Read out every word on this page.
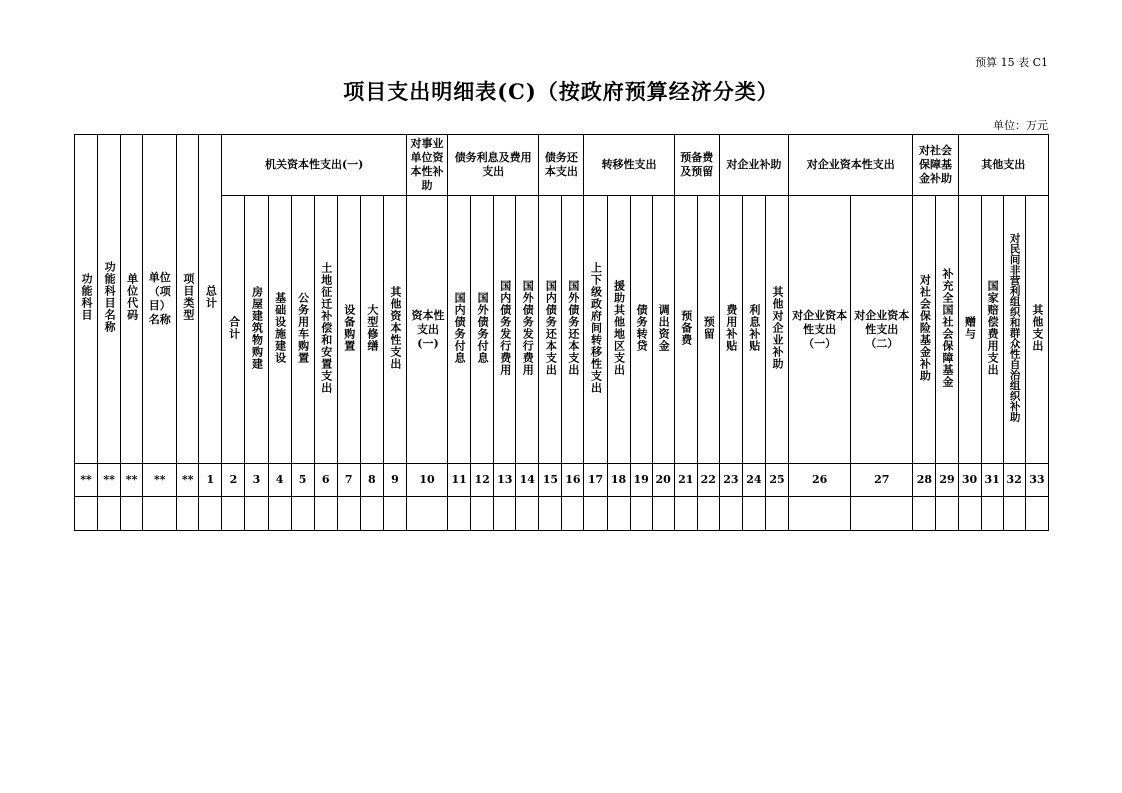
预算 15 表 C1
项目支出明细表(C)（按政府预算经济分类）
单位：万元
功能科目	功能科目名称	单位代码	单位（项目）名称	项目类型	总计	机关资本性支出(一)								对事业单位资本性补助	债务利息及费用支出				债务还本支出		转移性支出				预备费及预留		对企业补助			对企业资本性支出		对社会保障基金补助		其他支出			
						合计	房屋建筑物购建	基础设施建设	公务用车购置	土地征迁补偿和安置支出	设备购置	大型修缮	其他资本性支出	资本性支出(一)	国内债务付息	国外债务付息	国内债务发行费用	国外债务发行费用	国内债务还本支出	国外债务还本支出	上下级政府间转移性支出	援助其他地区支出	债务转贷	调出资金	预备费	预留	费用补贴	利息补贴	其他对企业补助	对企业资本性支出（一）	对企业资本性支出（二）	对社会保险基金补助	补充全国社会保障基金	赠与	国家赔偿费用支出	对民间非营利组织和群众性自治组织补助	其他支出
**	**	**	**	**	1	2	3	4	5	6	7	8	9	10	11	12	13	14	15	16	17	18	19	20	21	22	23	24	25	26	27	28	29	30	31	32	33
